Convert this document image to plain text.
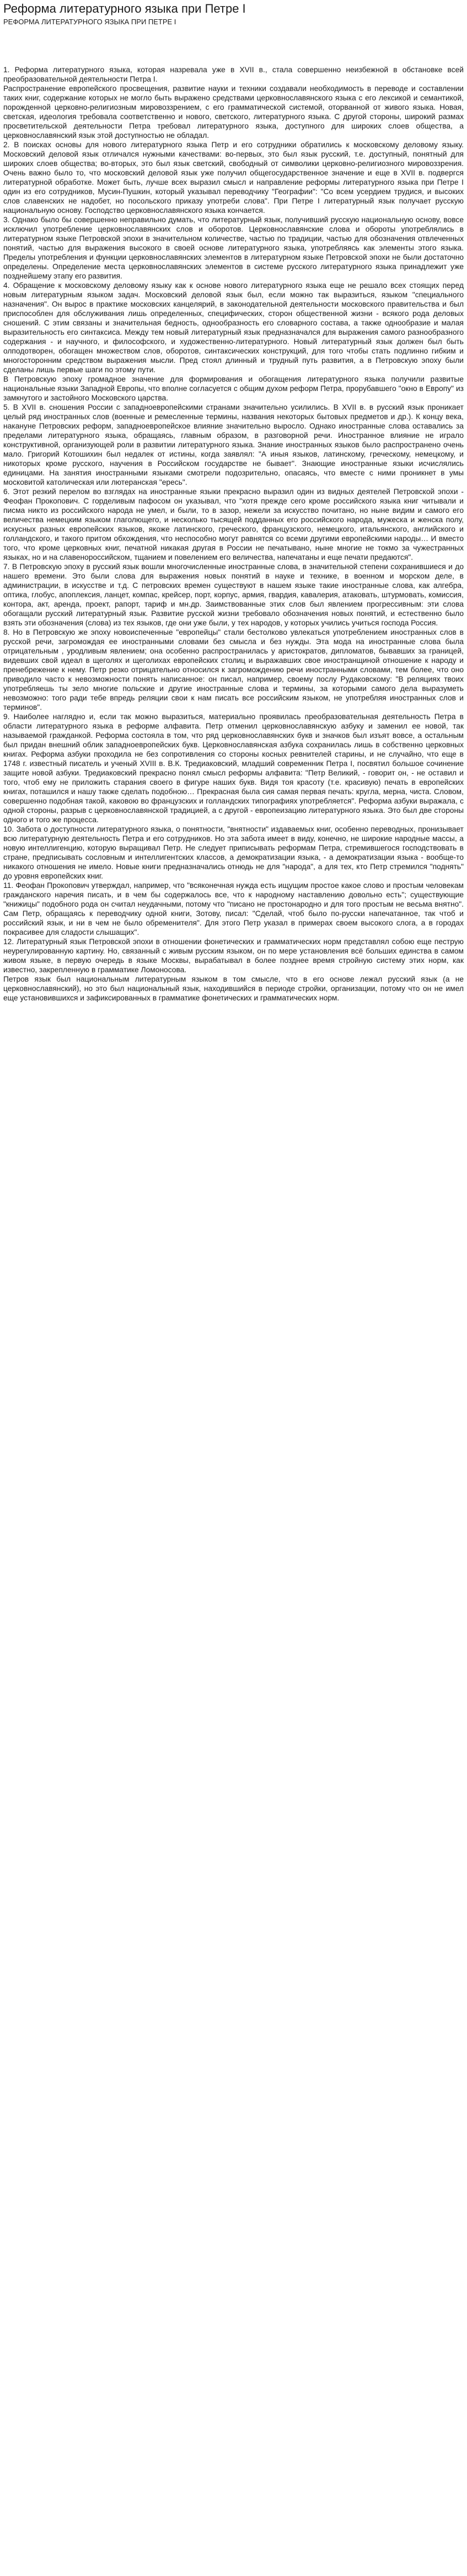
Реформа литературного языка при Петре I
РЕФОРМА ЛИТЕРАТУРНОГО ЯЗЫКА ПРИ ПЕТРЕ I

1. Реформа литературного языка, которая назревала уже в XVII в., стала совершенно неизбежной в обстановке всей преобразовательной деятельности Петра I.

Распространение европейского просвещения, развитие науки и техники создавали необходимость в переводе и составлении таких книг, содержание которых не могло быть выражено средствами церковнославянского языка с его лексикой и семантикой, порожденной церковно-религиозным мировоззрением, с его грамматической системой, оторванной от живого языка. Новая, светская, идеология требовала соответственно и нового, светского, литературного языка. С другой стороны, широкий размах просветительской деятельности Петра требовал литературного языка, доступного для широких слоев общества, а церковнославянский язык этой доступностью не обладал.

2. В поисках основы для нового литературного языка Петр и его сотрудники обратились к московскому деловому языку. Московский деловой язык отличался нужными качествами: во-первых, это был язык русский, т.е. доступный, понятный для широких слоев общества; во-вторых, это был язык светский, свободный от символики церковно-религиозного мировоззрения. Очень важно было то, что московский деловой язык уже получил общегосударственное значение и еще в XVII в. подвергся литературной обработке. Может быть, лучше всех выразил смысл и направление реформы литературного языка при Петре I один из его сотрудников, Мусин-Пушкин, который указывал переводчику "Географии": "Со всем усердием трудися, и высоких слов славенских не надобет, но посольского приказу употреби слова". При Петре I литературный язык получает русскую национальную основу. Господство церковнославянского языка кончается.

3. Однако было бы совершенно неправильно думать, что литературный язык, получивший русскую национальную основу, вовсе исключил употребление церковнославянских слов и оборотов. Церковнославянские слова и обороты употреблялись в литературном языке Петровской эпохи в значительном количестве, частью по традиции, частью для обозначения отвлеченных понятий, частью для выражения высокого в своей основе литературного языка, употребляясь как элементы этого языка. Пределы употребления и функции церковнославянских элементов в литературном языке Петровской эпохи не были достаточно определены. Определение места церковнославянских элементов в системе русского литературного языка принадлежит уже позднейшему этапу его развития.

4. Обращение к московскому деловому языку как к основе нового литературного языка еще не решало всех стоящих перед новым литературным языком задач. Московский деловой язык был, если можно так выразиться, языком "специального назначения". Он вырос в практике московских канцелярий, в законодательной деятельности московского правительства и был приспособлен для обслуживания лишь определенных, специфических, сторон общественной жизни - всякого рода деловых сношений. С этим связаны и значительная бедность, однообразность его словарного состава, а также однообразие и малая выразительность его синтаксиса. Между тем новый литературный язык предназначался для выражения самого разнообразного содержания - и научного, и философского, и художественно-литературного. Новый литературный язык должен был быть олподотворен, обогащен множеством слов, оборотов, синтаксических конструкций, для того чтобы стать подлинно гибким и многосторонним средством выражения мысли. Пред стоял длинный и трудный путь развития, а в Петровскую эпоху были сделаны лишь первые шаги по этому пути.

В Петровскую эпоху громадное значение для формирования и обогащения литературного языка получили развитые национальные языки Западной Европы, что вполне согласуется с общим духом реформ Петра, прорубавшего "окно в Европу" из замкнутого и застойного Московского царства.

5. В XVII в. сношения России с западноевропейскими странами значительно усилились. В XVII в. в русский язык проникает целый ряд иностранных слов (военные и ремесленные термины, названия некоторых бытовых предметов и др.). К концу века, накануне Петровских реформ, западноевропейское влияние значительно выросло. Однако иностранные слова оставались за пределами литературного языка, обращаясь, главным образом, в разговорной речи. Иностранное влияние не играло конструктивной, организующей роли в развитии литературного языка. Знание иностранных языков было распространено очень мало. Григорий Котошихин был недалек от истины, когда заявлял: "А иныя языков, латинскому, греческому, немецкому, и никоторых кроме русского, научения в Российском государстве не бывает". Знающие иностранные языки исчислялись единицами. На занятия иностранными языками смотрели подозрительно, опасаясь, что вместе с ними проникнет в умы московитой католическая или лютеранская "ересь".

6. Этот резкий перелом во взглядах на иностранные языки прекрасно выразил один из видных деятелей Петровской эпохи - Феофан Прокопович. С горделивым пафосом он указывал, что "хотя прежде сего кроме российского языка книг читывали и писма никто из российского народа не умел, и были, то в зазор, нежели за искусство почитано, но ныне видим и самого его величества немецким языком глаголющего, и несколько тысящей подданных его российского народа, мужеска и женска полу, искусных разных европейских языков, якоже латинского, греческого, французского, немецкого, итальянского, английского и голландского, и такого притом обхождения, что неспособно могут равнятся со всеми другими европейскими народы… И вместо того, что кроме церковных книг, печатной никакая другая в России не печатывано, ныне многие не токмо за чужестранных языках, но и на славенороссийском, тщанием и повелением его величества, напечатаны и еще печати предаются".

7. В Петровскую эпоху в русский язык вошли многочисленные иностранные слова, в значительной степени сохранившиеся и до нашего времени. Это были слова для выражения новых понятий в науке и технике, в военном и морском деле, в администрации, в искусстве и т.д. С петровских времен существуют в нашем языке такие иностранные слова, как алгебра, оптика, глобус, апоплексия, ланцет, компас, крейсер, порт, корпус, армия, гвардия, кавалерия, атаковать, штурмовать, комиссия, контора, акт, аренда, проект, рапорт, тариф и мн.др. Заимствованные этих слов был явлением прогрессивным: эти слова обогащали русский литературный язык. Развитие русской жизни требовало обозначения новых понятий, и естественно было взять эти обозначения (слова) из тех языков, где они уже были, у тех народов, у которых учились учиться господа Россия.

8. Но в Петровскую же эпоху новоиспеченные "европейцы" стали бестолково увлекаться употреблением иностранных слов в русской речи, загромождая ее иностранными словами без смысла и без нужды. Эта мода на иностранные слова была отрицательным , уродливым явлением; она особенно распространилась у аристократов, дипломатов, бывавших за границей, видевших свой идеал в щеголях и щеголихах европейских столиц и выражавших свое иностранщиной отношение к народу и пренебрежение к нему. Петр резко отрицательно относился к загромождению речи иностранными словами, тем более, что оно приводило часто к невозможности понять написанное: он писал, например, своему послу Рудаковскому: "В реляциях твоих употребляешь ты зело многие польские и другие иностранные слова и термины, за которыми самого дела выразуметь невозможно: того ради тебе впредь реляции свои к нам писать все российским языком, не употребляя иностранных слов и терминов".

9. Наиболее наглядно и, если так можно выразиться, материально проявилась преобразовательная деятельность Петра в области литературного языка в реформе алфавита. Петр отменил церковнославянскую азбуку и заменил ее новой, так называемой гражданкой. Реформа состояла в том, что ряд церковнославянских букв и значков был изъят вовсе, а остальным был придан внешний облик западноевропейских букв. Церковнославянская азбука сохранилась лишь в собственно церковных книгах. Реформа азбуки проходила не без сопротивления со стороны косных ревнителей старины, и не случайно, что еще в 1748 г. известный писатель и ученый XVIII в. В.К. Тредиаковский, младший современник Петра I, посвятил большое сочинение защите новой азбуки. Тредиаковский прекрасно понял смысл реформы алфавита: "Петр Великий, - говорит он, - не оставил и того, чтоб ему не приложить старания своего в фигуре наших букв. Видя тоя красоту (т.е. красивую) печать в европейских книгах, поташился и нашу также сделать подобною… Прекрасная была сия самая первая печать: кругла, мерна, чиста. Словом, совершенно подобная такой, каковою во французских и голландских типографиях употребляется". Реформа азбуки выражала, с одной стороны, разрыв с церковнославянской традицией, а с другой - европеизацию литературного языка. Это был две стороны одного и того же процесса.

10. Забота о доступности литературного языка, о понятности, "внятности" издаваемых книг, особенно переводных, пронизывает всю литературную деятельность Петра и его сотрудников. Но эта забота имеет в виду, конечно, не широкие народные массы, а новую интеллигенцию, которую выращивал Петр. Не следует приписывать реформам Петра, стремившегося господствовать в стране, предписывать сословным и интеллигентских классов, а демократизации языка, - а демократизации языка - вообще-то никакого отношения не имело. Новые книги предназначались отнюдь не для "народа", а для тех, кто Петр стремился "поднять" до уровня европейских книг.

11. Феофан Прокопович утверждал, например, что "всяконечная нужда есть ищущим простое какое слово и простым человекам гражданского наречия писать, и в чем бы содержалось все, что к народному наставлению довольно есть"; существующие "книжицы" подобного рода он считал неудачными, потому что "писано не простонародно и для того простым не весьма внятно". Сам Петр, обращаясь к переводчику одной книги, Зотову, писал: "Сделай, чтоб было по-русски напечатанное, так чтоб и российский язык, и ни в чем не было обременителя". Для этого Петр указал в примерах своем высокого слога, а в городах покрасивее для сладости слышащих".

12. Литературный язык Петровской эпохи в отношении фонетических и грамматических норм представлял собою еще пеструю неурегулированную картину. Но, связанный с живым русским языком, он по мере установления всё больших единства в самом живом языке, в первую очередь в языке Москвы, вырабатывал в более позднее время стройную систему этих норм, как известно, закрепленную в грамматике Ломоносова.

Петров язык был национальным литературным языком в том смысле, что в его основе лежал русский язык (а не церковнославянский), но это был национальный язык, находившийся в периоде стройки, организации, потому что он не имел еще установившихся и зафиксированных в грамматике фонетических и грамматических норм.
